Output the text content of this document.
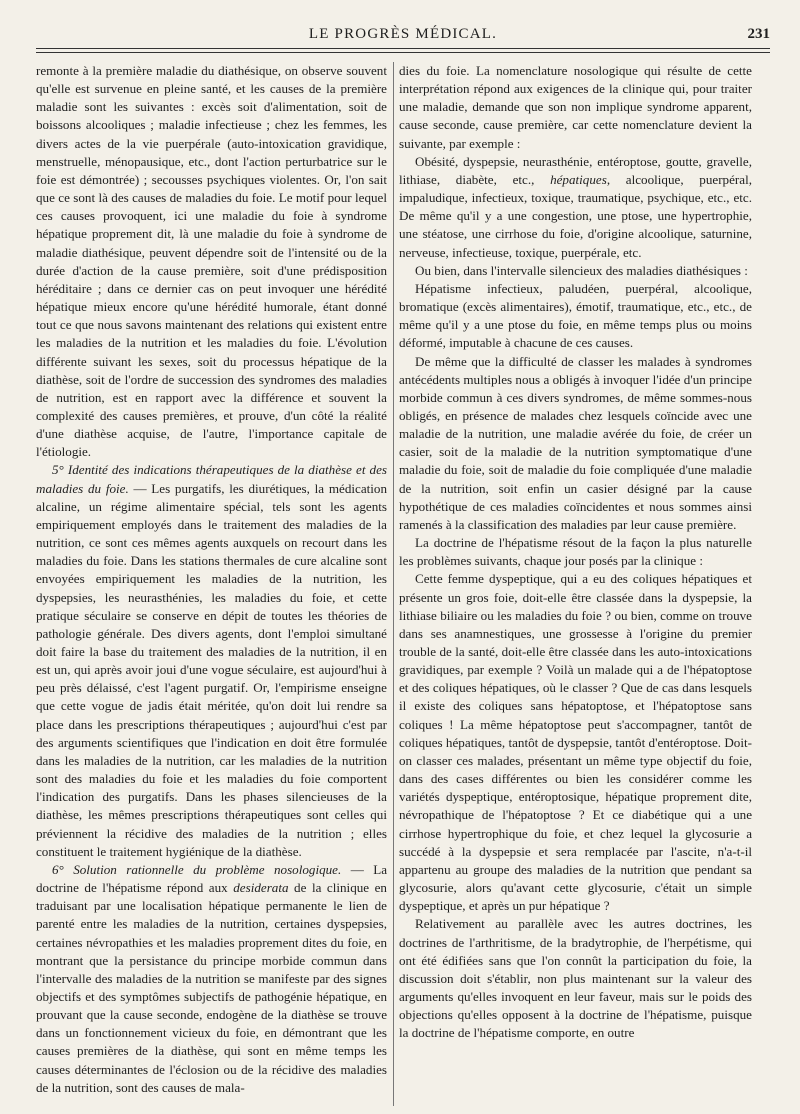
LE PROGRÈS MÉDICAL.	231

remonte à la première maladie du diathésique, on observe souvent qu'elle est survenue en pleine santé, et les causes de la première maladie sont les suivantes : excès soit d'alimentation, soit de boissons alcooliques ; maladie infectieuse ; chez les femmes, les divers actes de la vie puerpérale (auto-intoxication gravidique, menstruelle, ménopausique, etc., dont l'action perturbatrice sur le foie est démontrée) ; secousses psychiques violentes. Or, l'on sait que ce sont là des causes de maladies du foie. Le motif pour lequel ces causes provoquent, ici une maladie du foie à syndrome hépatique proprement dit, là une maladie du foie à syndrome de maladie diathésique, peuvent dépendre soit de l'intensité ou de la durée d'action de la cause première, soit d'une prédisposition héréditaire ; dans ce dernier cas on peut invoquer une hérédité hépatique mieux encore qu'une hérédité humorale, étant donné tout ce que nous savons maintenant des relations qui existent entre les maladies de la nutrition et les maladies du foie. L'évolution différente suivant les sexes, soit du processus hépatique de la diathèse, soit de l'ordre de succession des syndromes des maladies de nutrition, est en rapport avec la différence et souvent la complexité des causes premières, et prouve, d'un côté la réalité d'une diathèse acquise, de l'autre, l'importance capitale de l'étiologie.

5° Identité des indications thérapeutiques de la diathèse et des maladies du foie. — Les purgatifs, les diurétiques, la médication alcaline, un régime alimentaire spécial, tels sont les agents empiriquement employés dans le traitement des maladies de la nutrition, ce sont ces mêmes agents auxquels on recourt dans les maladies du foie. Dans les stations thermales de cure alcaline sont envoyées empiriquement les maladies de la nutrition, les dyspepsies, les neurasthénies, les maladies du foie, et cette pratique séculaire se conserve en dépit de toutes les théories de pathologie générale. Des divers agents, dont l'emploi simultané doit faire la base du traitement des maladies de la nutrition, il en est un, qui après avoir joui d'une vogue séculaire, est aujourd'hui à peu près délaissé, c'est l'agent purgatif. Or, l'empirisme enseigne que cette vogue de jadis était méritée, qu'on doit lui rendre sa place dans les prescriptions thérapeutiques ; aujourd'hui c'est par des arguments scientifiques que l'indication en doit être formulée dans les maladies de la nutrition, car les maladies de la nutrition sont des maladies du foie et les maladies du foie comportent l'indication des purgatifs. Dans les phases silencieuses de la diathèse, les mêmes prescriptions thérapeutiques sont celles qui préviennent la récidive des maladies de la nutrition ; elles constituent le traitement hygiénique de la diathèse.

6° Solution rationnelle du problème nosologique. — La doctrine de l'hépatisme répond aux desiderata de la clinique en traduisant par une localisation hépatique permanente le lien de parenté entre les maladies de la nutrition, certaines dyspepsies, certaines névropathies et les maladies proprement dites du foie, en montrant que la persistance du principe morbide commun dans l'intervalle des maladies de la nutrition se manifeste par des signes objectifs et des symptômes subjectifs de pathogénie hépatique, en prouvant que la cause seconde, endogène de la diathèse se trouve dans un fonctionnement vicieux du foie, en démontrant que les causes premières de la diathèse, qui sont en même temps les causes déterminantes de l'éclosion ou de la récidive des maladies de la nutrition, sont des causes de mala-

dies du foie. La nomenclature nosologique qui résulte de cette interprétation répond aux exigences de la clinique qui, pour traiter une maladie, demande que son non implique syndrome apparent, cause seconde, cause première, car cette nomenclature devient la suivante, par exemple :

Obésité, dyspepsie, neurasthénie, entéroptose, goutte, gravelle, lithiase, diabète, etc., hépatiques, alcoolique, puerpéral, impaludique, infectieux, toxique, traumatique, psychique, etc., etc. De même qu'il y a une congestion, une ptose, une hypertrophie, une stéatose, une cirrhose du foie, d'origine alcoolique, saturnine, nerveuse, infectieuse, toxique, puerpérale, etc.

Ou bien, dans l'intervalle silencieux des maladies diathésiques :

Hépatisme infectieux, paludéen, puerpéral, alcoolique, bromatique (excès alimentaires), émotif, traumatique, etc., etc., de même qu'il y a une ptose du foie, en même temps plus ou moins déformé, imputable à chacune de ces causes.

De même que la difficulté de classer les malades à syndromes antécédents multiples nous a obligés à invoquer l'idée d'un principe morbide commun à ces divers syndromes, de même sommes-nous obligés, en présence de malades chez lesquels coïncide avec une maladie de la nutrition, une maladie avérée du foie, de créer un casier, soit de la maladie de la nutrition symptomatique d'une maladie du foie, soit de maladie du foie compliquée d'une maladie de la nutrition, soit enfin un casier désigné par la cause hypothétique de ces maladies coïncidentes et nous sommes ainsi ramenés à la classification des maladies par leur cause première.

La doctrine de l'hépatisme résout de la façon la plus naturelle les problèmes suivants, chaque jour posés par la clinique :

Cette femme dyspeptique, qui a eu des coliques hépatiques et présente un gros foie, doit-elle être classée dans la dyspepsie, la lithiase biliaire ou les maladies du foie ? ou bien, comme on trouve dans ses anamnestiques, une grossesse à l'origine du premier trouble de la santé, doit-elle être classée dans les auto-intoxications gravidiques, par exemple ? Voilà un malade qui a de l'hépatoptose et des coliques hépatiques, où le classer ? Que de cas dans lesquels il existe des coliques sans hépatoptose, et l'hépatoptose sans coliques ! La même hépatoptose peut s'accompagner, tantôt de coliques hépatiques, tantôt de dyspepsie, tantôt d'entéroptose. Doit-on classer ces malades, présentant un même type objectif du foie, dans des cases différentes ou bien les considérer comme les variétés dyspeptique, entéroptosique, hépatique proprement dite, névropathique de l'hépatoptose ? Et ce diabétique qui a une cirrhose hypertrophique du foie, et chez lequel la glycosurie a succédé à la dyspepsie et sera remplacée par l'ascite, n'a-t-il appartenu au groupe des maladies de la nutrition que pendant sa glycosurie, alors qu'avant cette glycosurie, c'était un simple dyspeptique, et après un pur hépatique ?

Relativement au parallèle avec les autres doctrines, les doctrines de l'arthritisme, de la bradytrophie, de l'herpétisme, qui ont été édifiées sans que l'on connût la participation du foie, la discussion doit s'établir, non plus maintenant sur la valeur des arguments qu'elles invoquent en leur faveur, mais sur le poids des objections qu'elles opposent à la doctrine de l'hépatisme, puisque la doctrine de l'hépatisme comporte, en outre
